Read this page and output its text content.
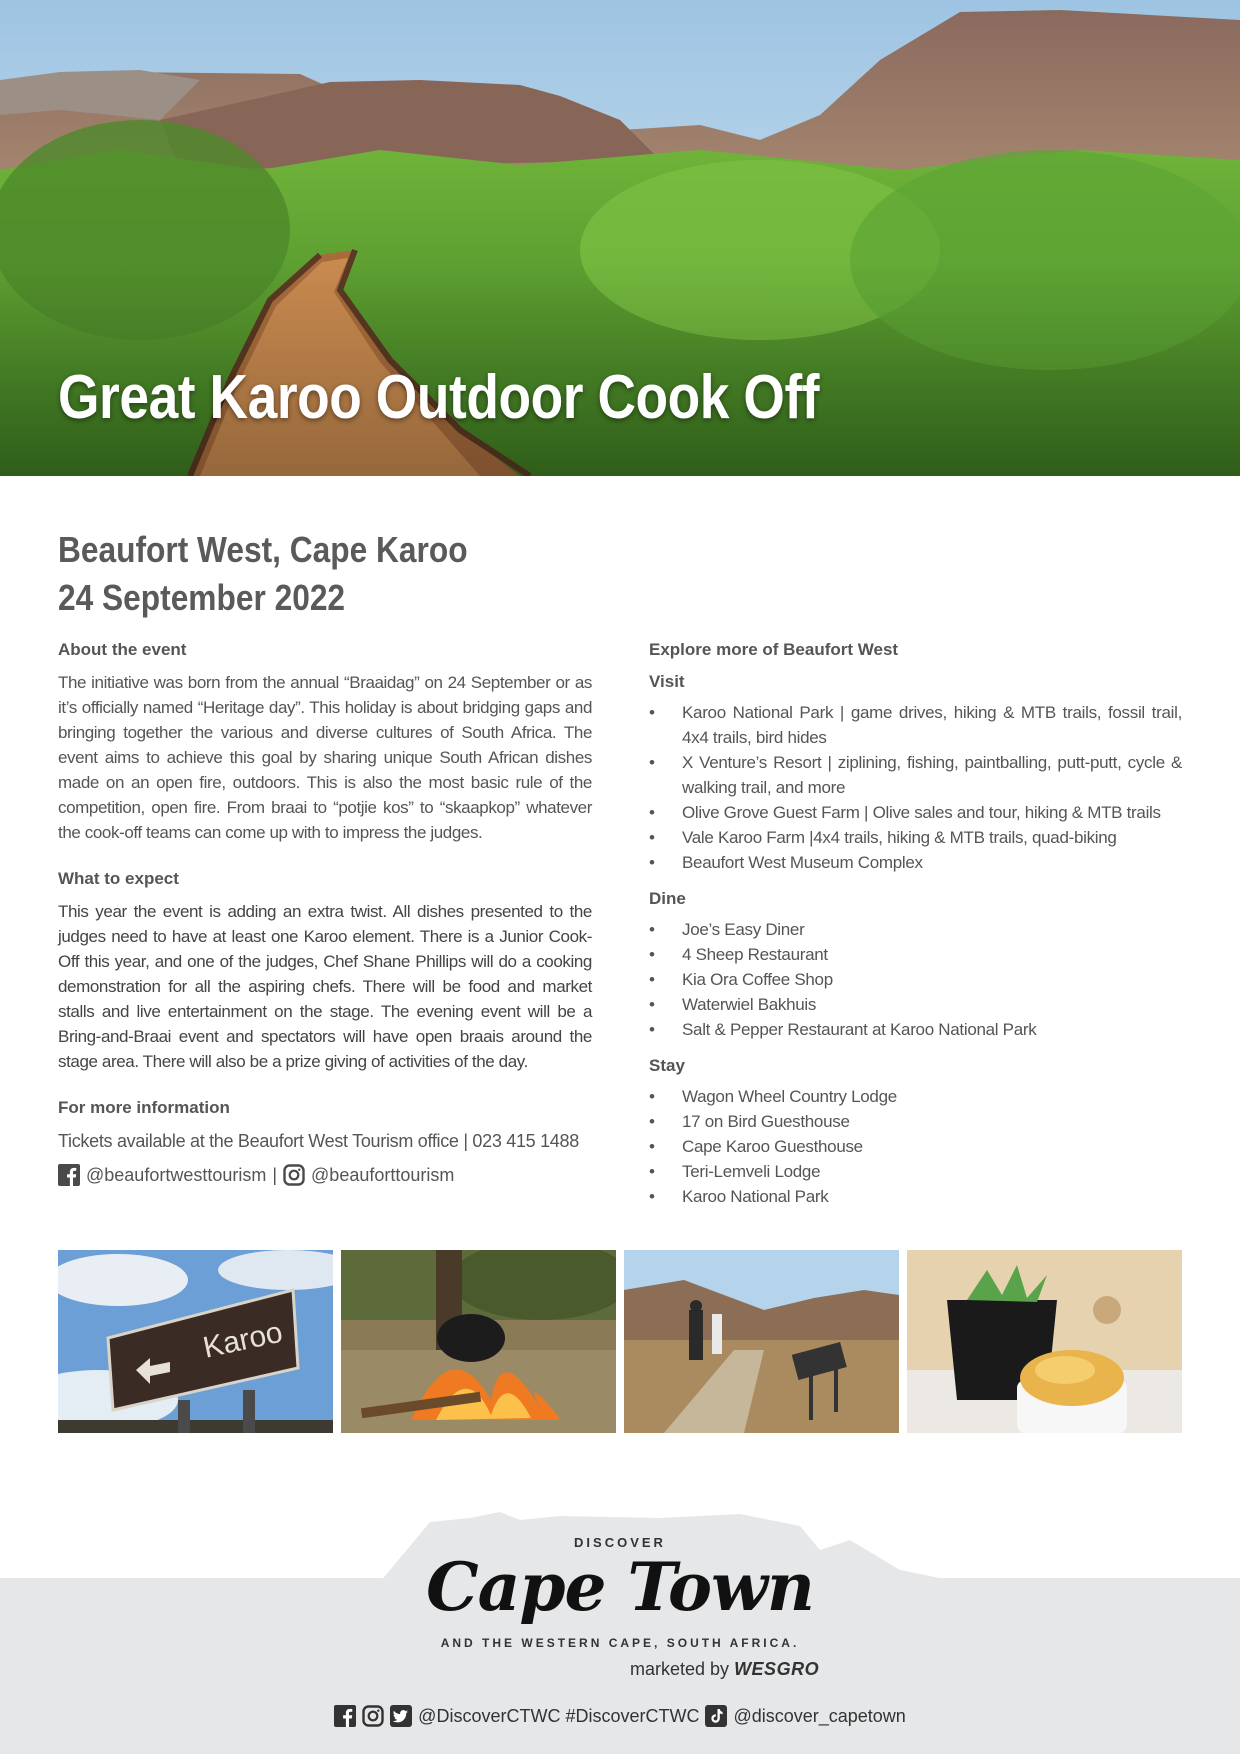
Great Karoo Outdoor Cook Off
Beaufort West, Cape Karoo
24 September 2022

About the event

The initiative was born from the annual “Braaidag” on 24 September or as it’s officially named “Heritage day”. This holiday is about bridging gaps and bringing together the various and diverse cultures of South Africa. The event aims to achieve this goal by sharing unique South African dishes made on an open fire, outdoors. This is also the most basic rule of the competition, open fire. From braai to “potjie kos” to “skaapkop” whatever the cook-off teams can come up with to impress the judges.

What to expect

This year the event is adding an extra twist. All dishes presented to the judges need to have at least one Karoo element. There is a Junior Cook-Off this year, and one of the judges, Chef Shane Phillips will do a cooking demonstration for all the aspiring chefs. There will be food and market stalls and live entertainment on the stage. The evening event will be a Bring-and-Braai event and spectators will have open braais around the stage area. There will also be a prize giving of activities of the day.

For more information

Tickets available at the Beaufort West Tourism office | 023 415 1488

@beaufortwesttourism | @beauforttourism

Explore more of Beaufort West

Visit

• Karoo National Park | game drives, hiking & MTB trails, fossil trail, 4x4 trails, bird hides
• X Venture’s Resort | ziplining, fishing, paintballing, putt-putt, cycle & walking trail, and more
• Olive Grove Guest Farm | Olive sales and tour, hiking & MTB trails
• Vale Karoo Farm |4x4 trails, hiking & MTB trails, quad-biking
• Beaufort West Museum Complex

Dine

• Joe’s Easy Diner
• 4 Sheep Restaurant
• Kia Ora Coffee Shop
• Waterwiel Bakhuis
• Salt & Pepper Restaurant at Karoo National Park

Stay

• Wagon Wheel Country Lodge
• 17 on Bird Guesthouse
• Cape Karoo Guesthouse
• Teri-Lemveli Lodge
• Karoo National Park
Karoo
DISCOVER
Cape Town
AND THE WESTERN CAPE, SOUTH AFRICA.
marketed by WESGRO
@DiscoverCTWC #DiscoverCTWC @discover_capetown
